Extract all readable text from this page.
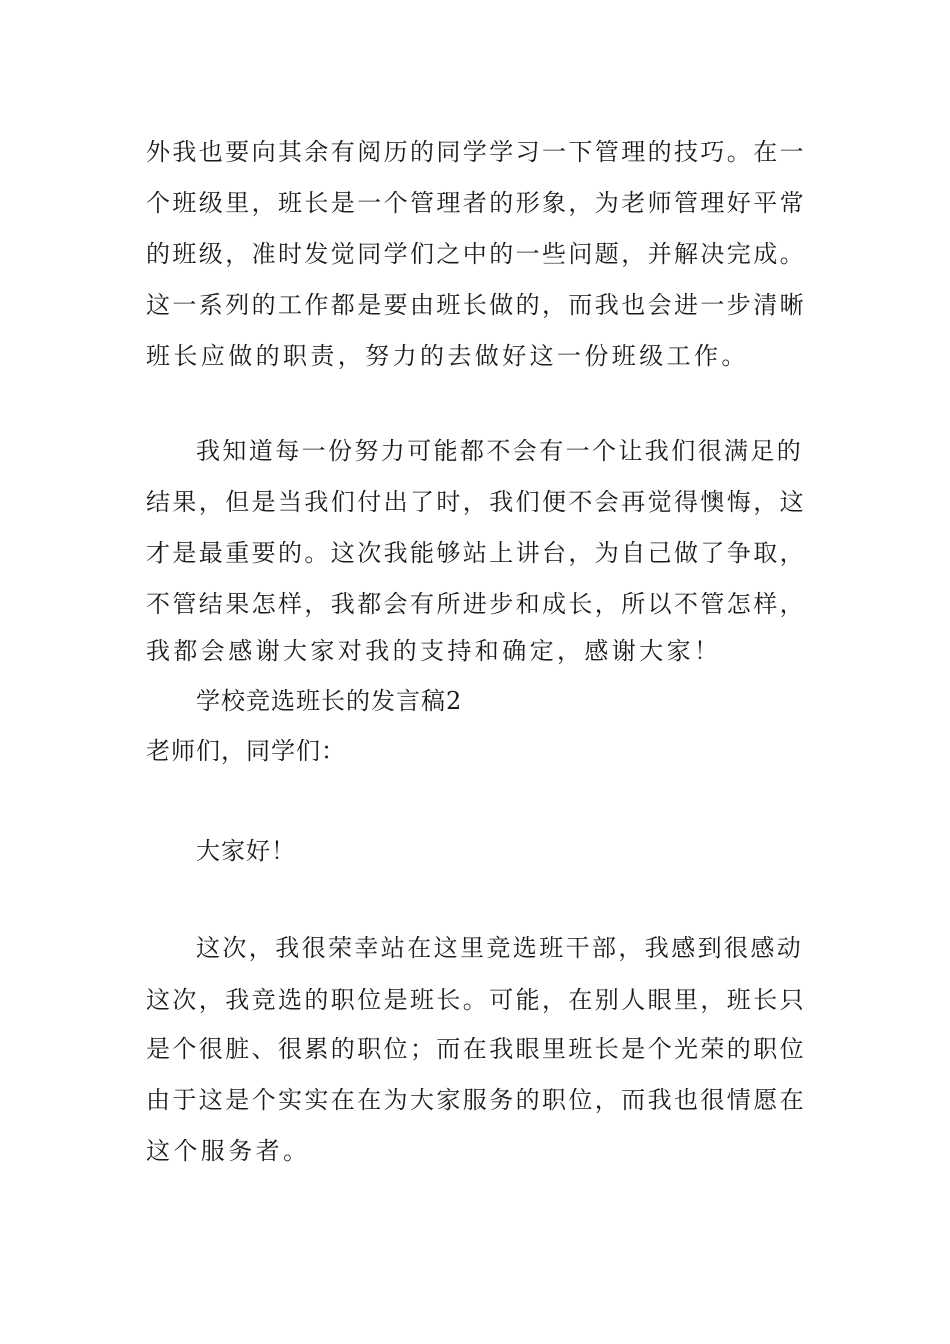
外我也要向其余有阅历的同学学习一下管理的技巧。在一
个班级里，班长是一个管理者的形象，为老师管理好平常
的班级，准时发觉同学们之中的一些问题，并解决完成。
这一系列的工作都是要由班长做的，而我也会进一步清晰
班长应做的职责，努力的去做好这一份班级工作。
我知道每一份努力可能都不会有一个让我们很满足的
结果，但是当我们付出了时，我们便不会再觉得懊悔，这
才是最重要的。这次我能够站上讲台，为自己做了争取，
不管结果怎样，我都会有所进步和成长，所以不管怎样，
我都会感谢大家对我的支持和确定，感谢大家！
学校竞选班长的发言稿2
老师们，同学们：
大家好！
这次，我很荣幸站在这里竞选班干部，我感到很感动
这次，我竞选的职位是班长。可能，在别人眼里，班长只
是个很脏、很累的职位；而在我眼里班长是个光荣的职位
由于这是个实实在在为大家服务的职位，而我也很情愿在
这个服务者。
